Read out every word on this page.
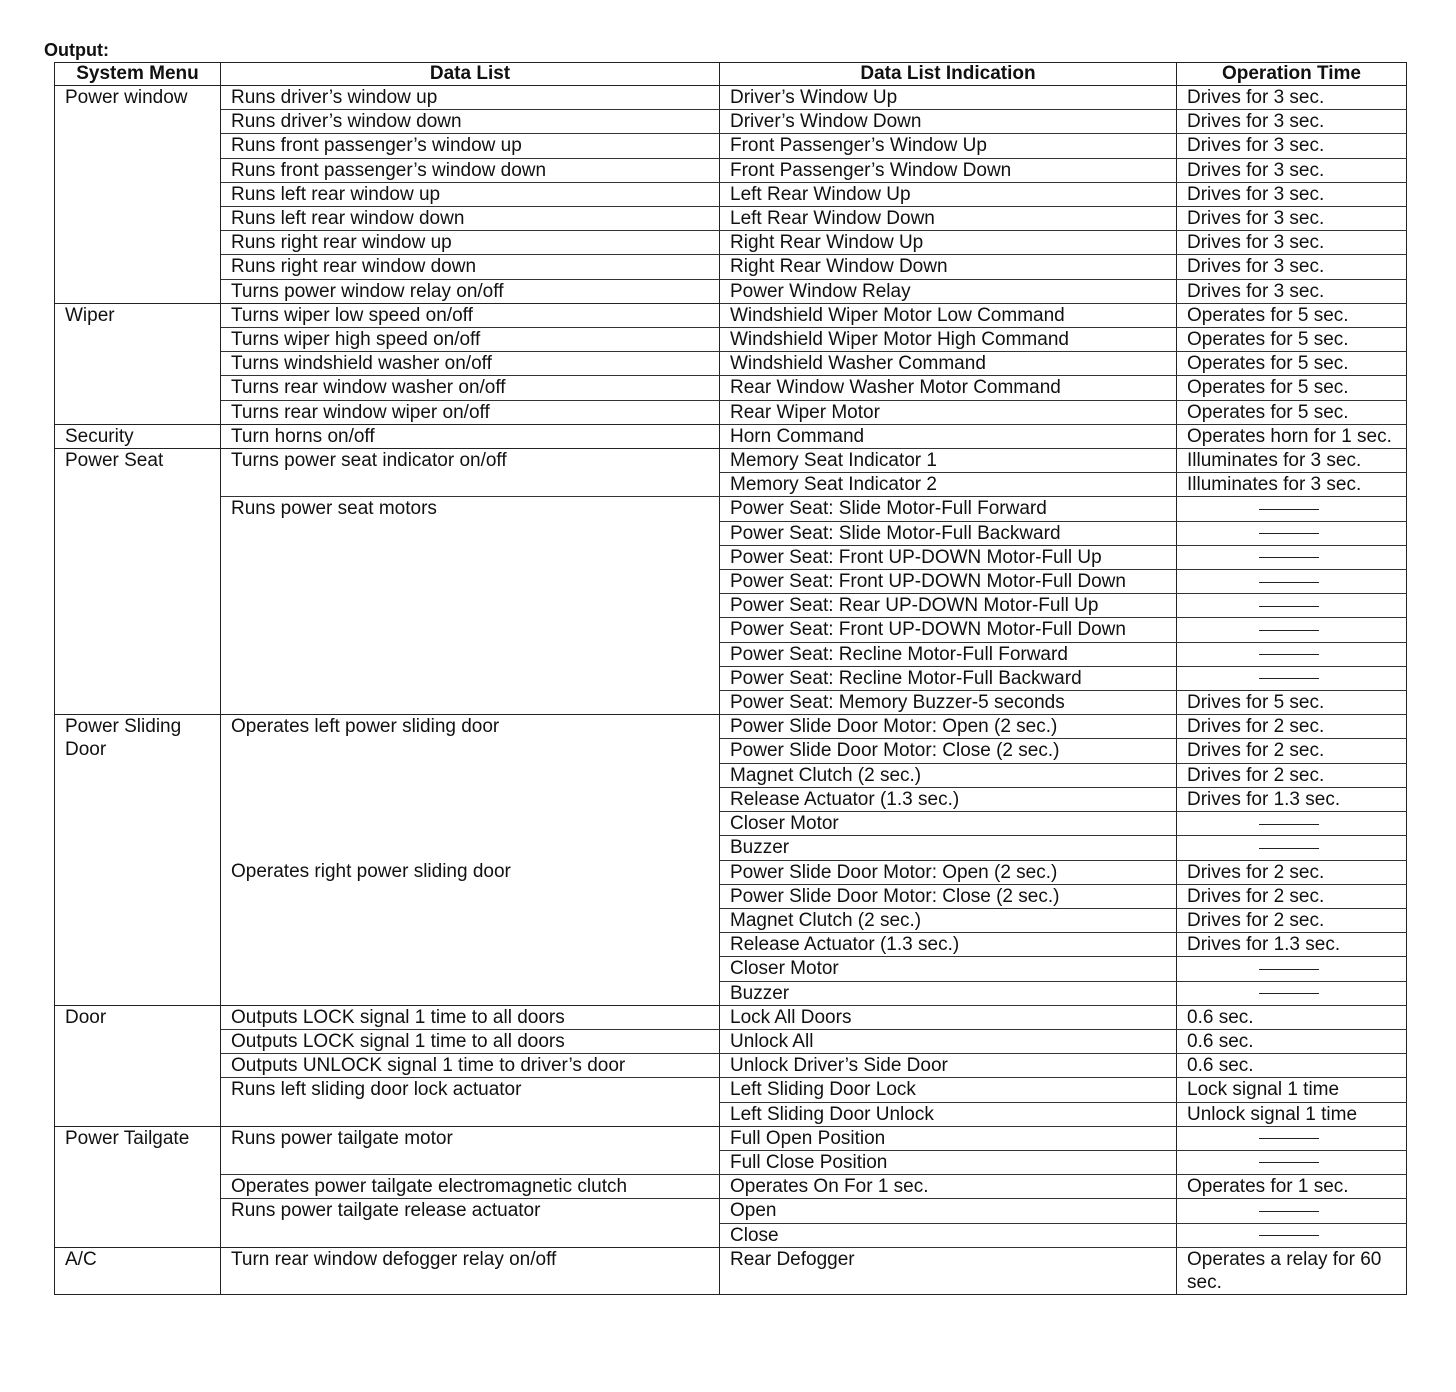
Output:
System Menu	Data List	Data List Indication	Operation Time
Power window	Runs driver’s window up	Driver’s Window Up	Drives for 3 sec.
	Runs driver’s window down	Driver’s Window Down	Drives for 3 sec.
	Runs front passenger’s window up	Front Passenger’s Window Up	Drives for 3 sec.
	Runs front passenger’s window down	Front Passenger’s Window Down	Drives for 3 sec.
	Runs left rear window up	Left Rear Window Up	Drives for 3 sec.
	Runs left rear window down	Left Rear Window Down	Drives for 3 sec.
	Runs right rear window up	Right Rear Window Up	Drives for 3 sec.
	Runs right rear window down	Right Rear Window Down	Drives for 3 sec.
	Turns power window relay on/off	Power Window Relay	Drives for 3 sec.
Wiper	Turns wiper low speed on/off	Windshield Wiper Motor Low Command	Operates for 5 sec.
	Turns wiper high speed on/off	Windshield Wiper Motor High Command	Operates for 5 sec.
	Turns windshield washer on/off	Windshield Washer Command	Operates for 5 sec.
	Turns rear window washer on/off	Rear Window Washer Motor Command	Operates for 5 sec.
	Turns rear window wiper on/off	Rear Wiper Motor	Operates for 5 sec.
Security	Turn horns on/off	Horn Command	Operates horn for 1 sec.
Power Seat	Turns power seat indicator on/off	Memory Seat Indicator 1	Illuminates for 3 sec.
		Memory Seat Indicator 2	Illuminates for 3 sec.
	Runs power seat motors	Power Seat: Slide Motor-Full Forward	
		Power Seat: Slide Motor-Full Backward	
		Power Seat: Front UP-DOWN Motor-Full Up	
		Power Seat: Front UP-DOWN Motor-Full Down	
		Power Seat: Rear UP-DOWN Motor-Full Up	
		Power Seat: Front UP-DOWN Motor-Full Down	
		Power Seat: Recline Motor-Full Forward	
		Power Seat: Recline Motor-Full Backward	
		Power Seat: Memory Buzzer-5 seconds	Drives for 5 sec.
Power Sliding Door	Operates left power sliding door	Power Slide Door Motor: Open (2 sec.)	Drives for 2 sec.
		Power Slide Door Motor: Close (2 sec.)	Drives for 2 sec.
		Magnet Clutch (2 sec.)	Drives for 2 sec.
		Release Actuator (1.3 sec.)	Drives for 1.3 sec.
		Closer Motor	
		Buzzer	
	Operates right power sliding door	Power Slide Door Motor: Open (2 sec.)	Drives for 2 sec.
		Power Slide Door Motor: Close (2 sec.)	Drives for 2 sec.
		Magnet Clutch (2 sec.)	Drives for 2 sec.
		Release Actuator (1.3 sec.)	Drives for 1.3 sec.
		Closer Motor	
		Buzzer	
Door	Outputs LOCK signal 1 time to all doors	Lock All Doors	0.6 sec.
	Outputs LOCK signal 1 time to all doors	Unlock All	0.6 sec.
	Outputs UNLOCK signal 1 time to driver’s door	Unlock Driver’s Side Door	0.6 sec.
	Runs left sliding door lock actuator	Left Sliding Door Lock	Lock signal 1 time
		Left Sliding Door Unlock	Unlock signal 1 time
Power Tailgate	Runs power tailgate motor	Full Open Position	
		Full Close Position	
	Operates power tailgate electromagnetic clutch	Operates On For 1 sec.	Operates for 1 sec.
	Runs power tailgate release actuator	Open	
		Close	
A/C	Turn rear window defogger relay on/off	Rear Defogger	Operates a relay for 60 sec.
